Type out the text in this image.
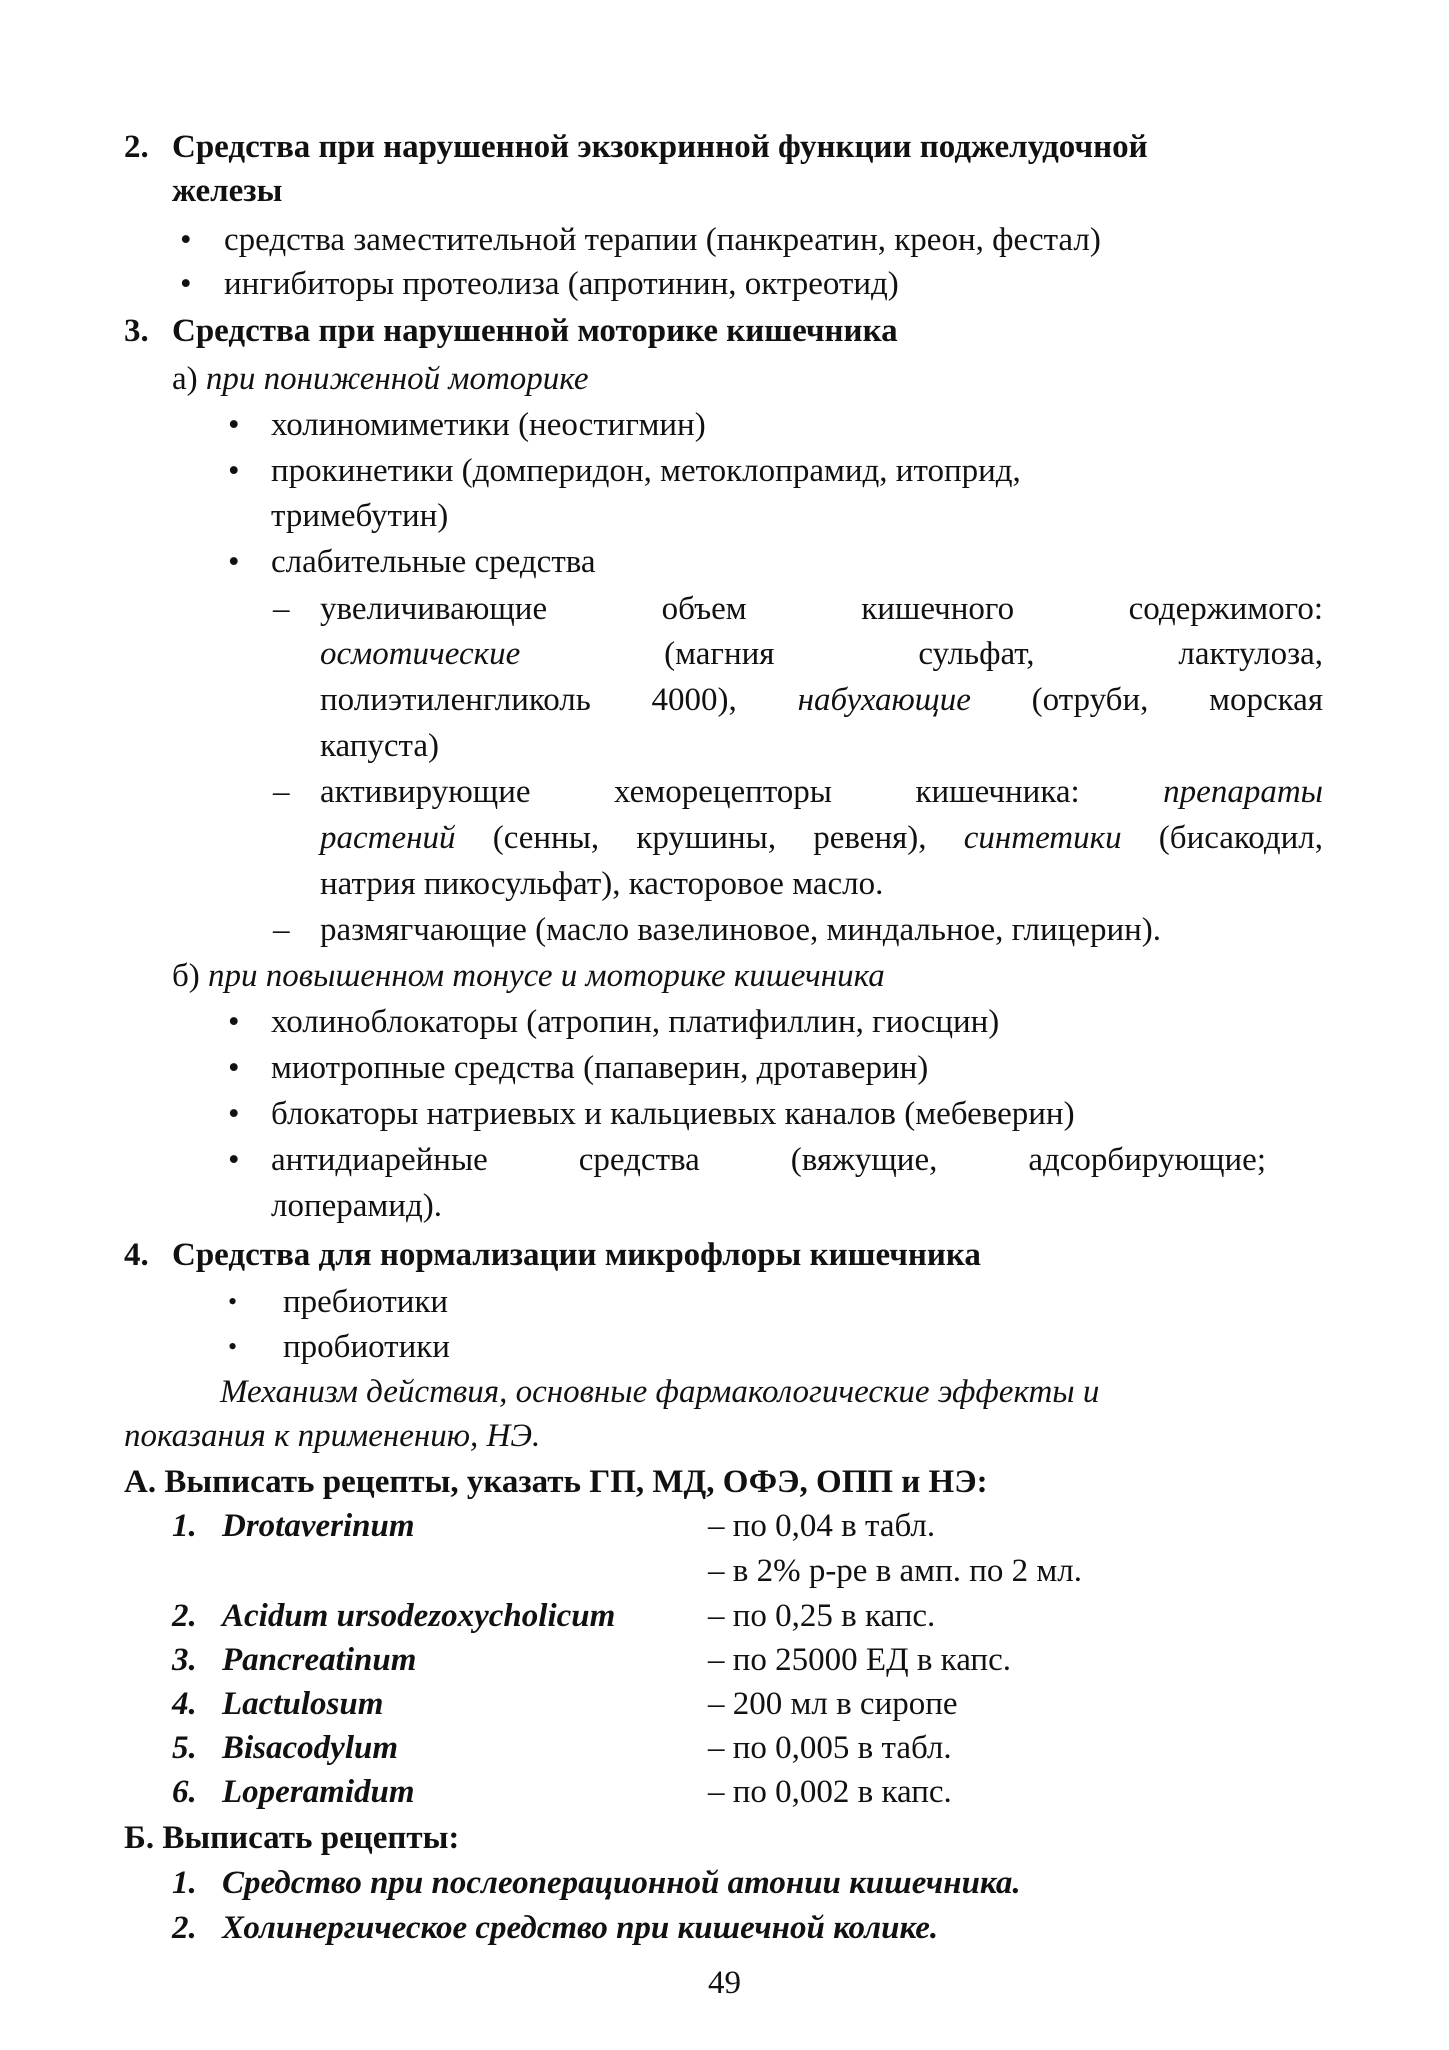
2. Средства при нарушенной экзокринной функции поджелудочной
железы
• средства заместительной терапии (панкреатин, креон, фестал)
• ингибиторы протеолиза (апротинин, октреотид)
3. Средства при нарушенной моторике кишечника
а) при пониженной моторике
• холиномиметики (неостигмин)
• прокинетики (домперидон, метоклопрамид, итоприд,
тримебутин)
• слабительные средства
– увеличивающие объем кишечного содержимого:
осмотические	(магния сульфат, лактулоза,
полиэтиленгликоль 4000), набухающие (отруби, морская
капуста)
– активирующие хеморецепторы кишечника:	препараты
растений (сенны, крушины, ревеня), синтетики (бисакодил,
натрия пикосульфат), касторовое масло.
– размягчающие (масло вазелиновое, миндальное, глицерин).
б) при повышенном тонусе и моторике кишечника
• холиноблокаторы (атропин, платифиллин, гиосцин)
• миотропные средства (папаверин, дротаверин)
• блокаторы натриевых и кальциевых каналов (мебеверин)
• антидиарейные средства (вяжущие, адсорбирующие;
лоперамид).
4. Средства для нормализации микрофлоры кишечника
• пребиотики
• пробиотики
Механизм действия, основные фармакологические эффекты и
показания к применению, НЭ.
А. Выписать рецепты, указать ГП, МД, ОФЭ, ОПП и НЭ:
1. Drotaverinum	– по 0,04 в табл.
– в 2% р-ре в амп. по 2 мл.
2. Acidum ursodezoxycholicum	– по 0,25 в капс.
3. Pancreatinum	– по 25000 ЕД в капс.
4. Lactulosum	– 200 мл в сиропе
5. Bisacodylum	– по 0,005 в табл.
6. Loperamidum	– по 0,002 в капс.
Б. Выписать рецепты:
1. Средство при послеоперационной атонии кишечника.
2. Холинергическое средство при кишечной колике.
49
